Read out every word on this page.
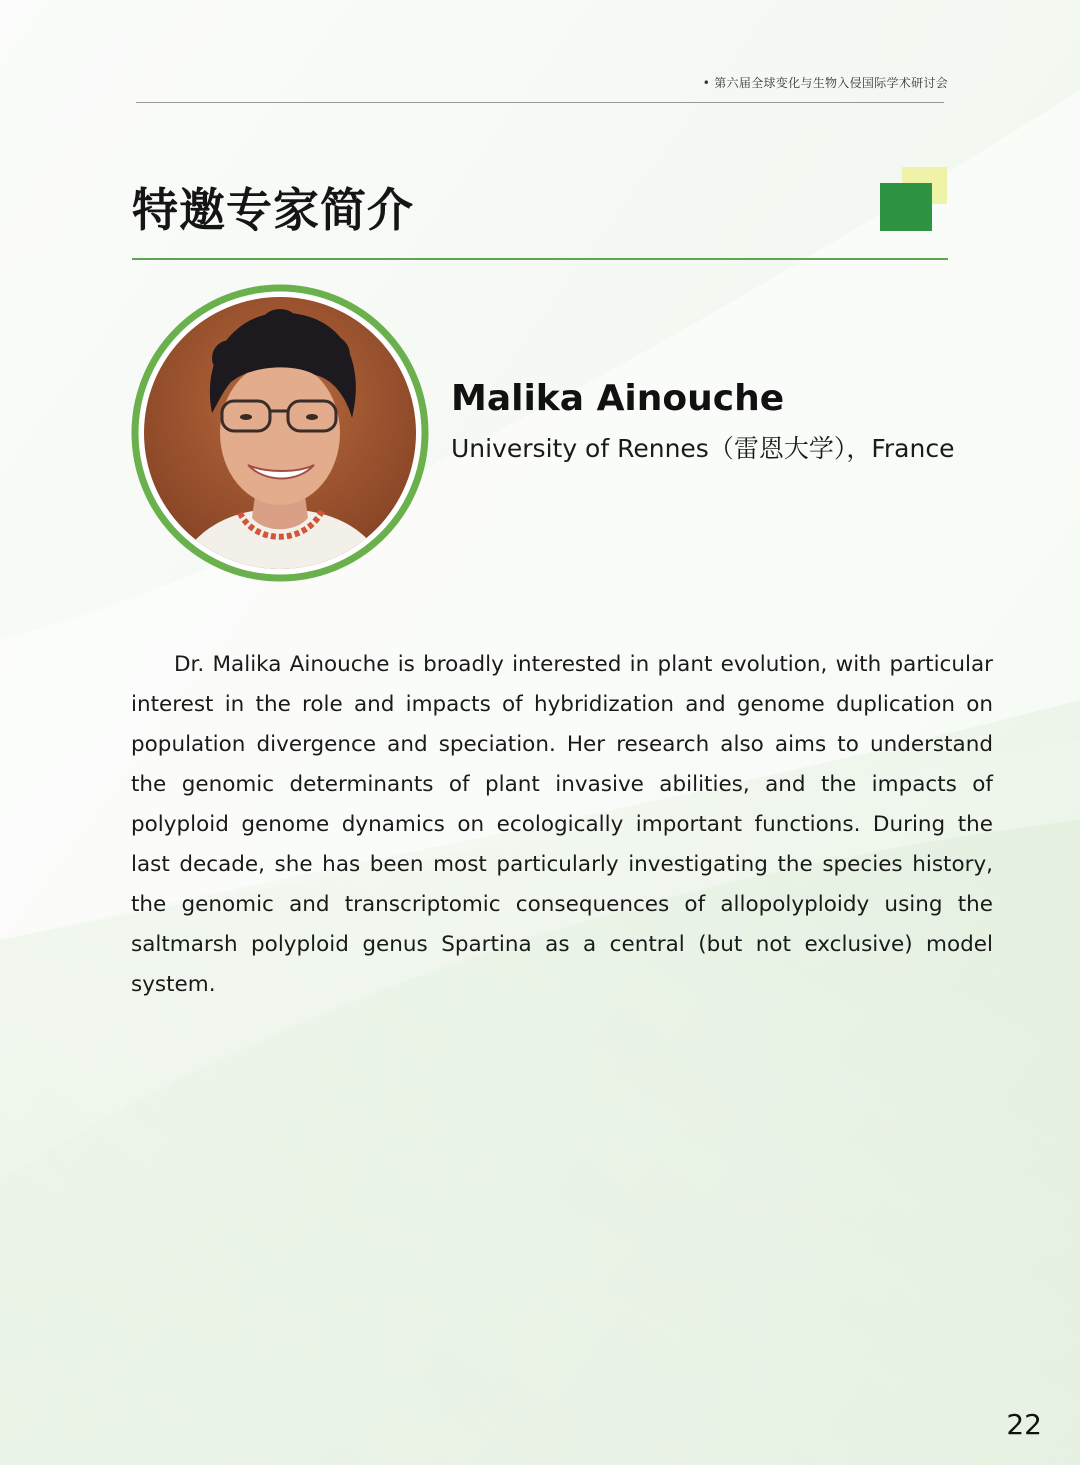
• 第六届全球变化与生物入侵国际学术研讨会
特邀专家简介
Malika Ainouche
University of Rennes（雷恩大学），France

Dr. Malika Ainouche is broadly interested in plant evolution, with particular interest in the role and impacts of hybridization and genome duplication on population divergence and speciation. Her research also aims to understand the genomic determinants of plant invasive abilities, and the impacts of polyploid genome dynamics on ecologically important functions. During the last decade, she has been most particularly investigating the species history, the genomic and transcriptomic consequences of allopolyploidy using the saltmarsh polyploid genus Spartina as a central (but not exclusive) model system.

22
